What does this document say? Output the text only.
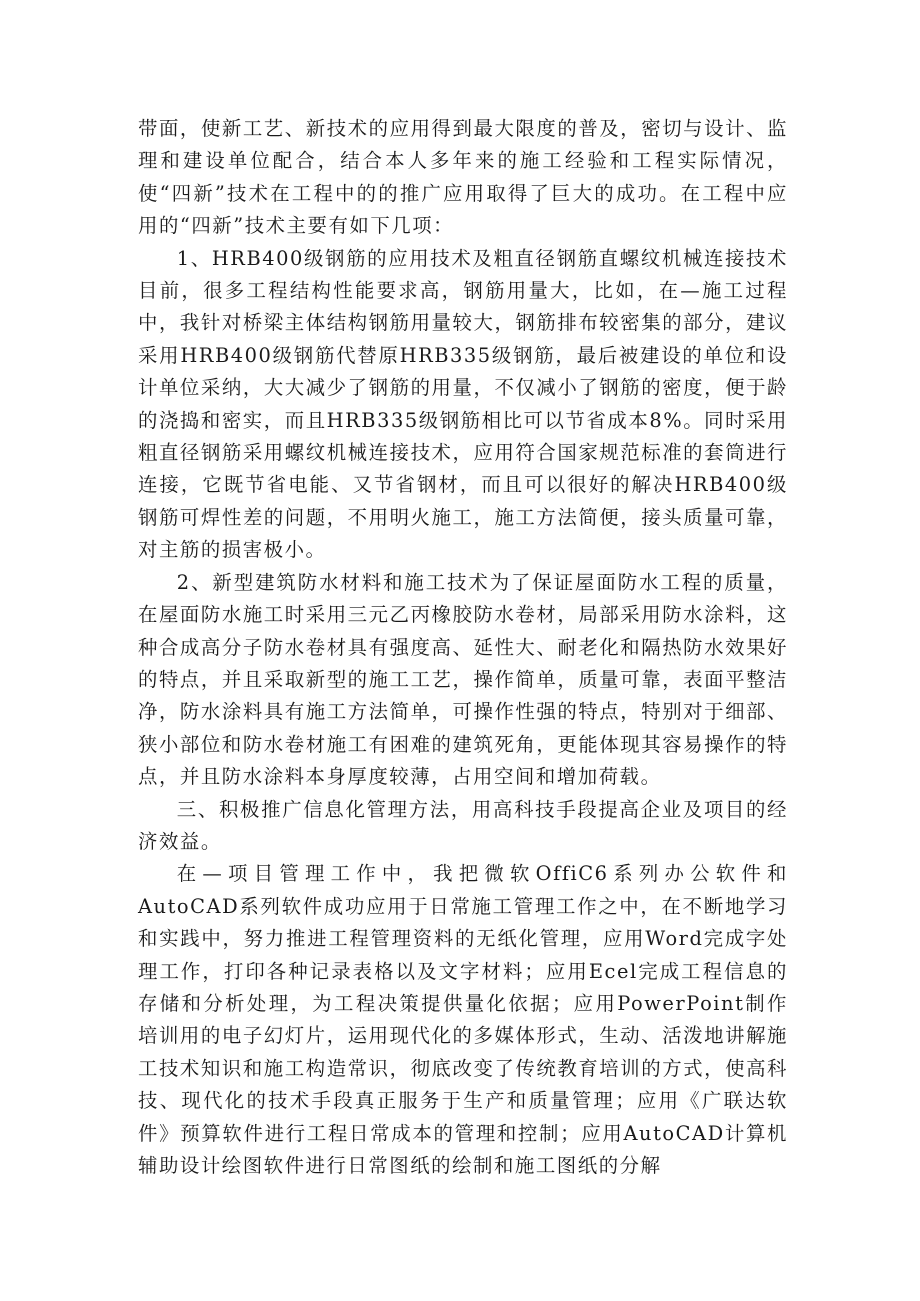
带面，使新工艺、新技术的应用得到最大限度的普及，密切与设计、监理和建设单位配合，结合本人多年来的施工经验和工程实际情况，使“四新”技术在工程中的的推广应用取得了巨大的成功。在工程中应用的“四新”技术主要有如下几项：

1、HRB400级钢筋的应用技术及粗直径钢筋直螺纹机械连接技术目前，很多工程结构性能要求高，钢筋用量大，比如，在—施工过程中，我针对桥梁主体结构钢筋用量较大，钢筋排布较密集的部分，建议采用HRB400级钢筋代替原HRB335级钢筋，最后被建设的单位和设计单位采纳，大大减少了钢筋的用量，不仅减小了钢筋的密度，便于龄的浇捣和密实，而且HRB335级钢筋相比可以节省成本8%。同时采用粗直径钢筋采用螺纹机械连接技术，应用符合国家规范标准的套筒进行连接，它既节省电能、又节省钢材，而且可以很好的解决HRB400级钢筋可焊性差的问题，不用明火施工，施工方法简便，接头质量可靠，对主筋的损害极小。

2、新型建筑防水材料和施工技术为了保证屋面防水工程的质量，在屋面防水施工时采用三元乙丙橡胶防水卷材，局部采用防水涂料，这种合成高分子防水卷材具有强度高、延性大、耐老化和隔热防水效果好的特点，并且采取新型的施工工艺，操作简单，质量可靠，表面平整洁净，防水涂料具有施工方法简单，可操作性强的特点，特别对于细部、狭小部位和防水卷材施工有困难的建筑死角，更能体现其容易操作的特点，并且防水涂料本身厚度较薄，占用空间和增加荷载。

三、积极推广信息化管理方法，用高科技手段提高企业及项目的经济效益。

在—项目管理工作中，我把微软OffiC6系列办公软件和AutoCAD系列软件成功应用于日常施工管理工作之中，在不断地学习和实践中，努力推进工程管理资料的无纸化管理，应用Word完成字处理工作，打印各种记录表格以及文字材料；应用Ecel完成工程信息的存储和分析处理，为工程决策提供量化依据；应用PowerPoint制作培训用的电子幻灯片，运用现代化的多媒体形式，生动、活泼地讲解施工技术知识和施工构造常识，彻底改变了传统教育培训的方式，使高科技、现代化的技术手段真正服务于生产和质量管理；应用《广联达软件》预算软件进行工程日常成本的管理和控制；应用AutoCAD计算机辅助设计绘图软件进行日常图纸的绘制和施工图纸的分解
